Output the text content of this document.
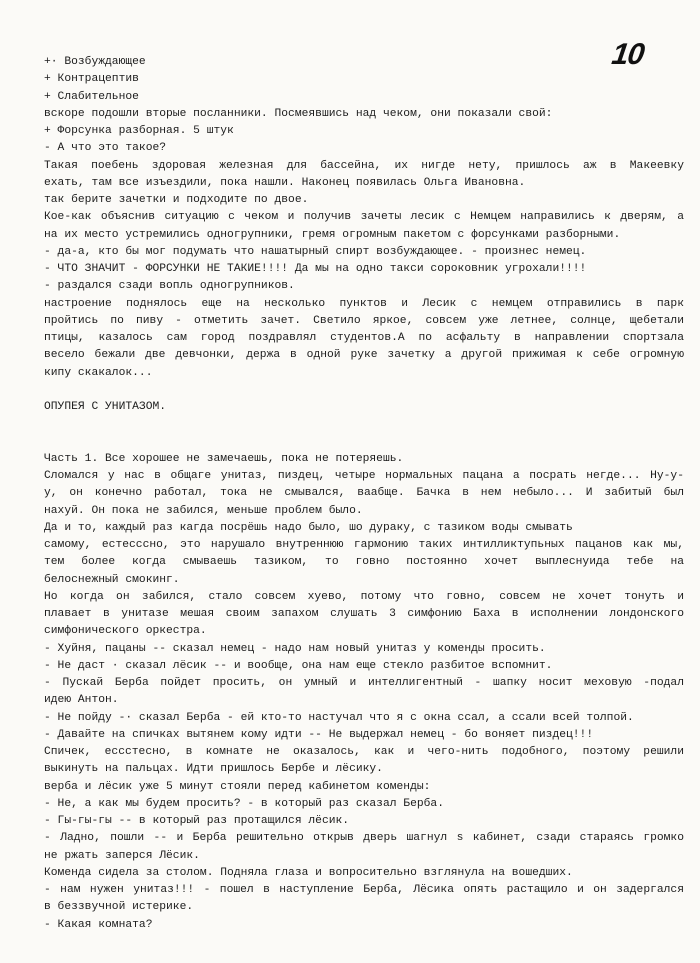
10
+· Возбуждающее
+ Контрацептив
+ Слабительное
вскоре подошли вторые посланники. Посмеявшись над чеком, они показали свой:
+ Форсунка разборная. 5 штук
- А что это такое?
Такая поебень здоровая железная для бассейна, их нигде нету, пришлось аж в Макеевку
ехать, там все изъездили, пока нашли. Наконец появилась Ольга Ивановна.
так берите зачетки и подходите по двое.
Кое-как объяснив ситуацию с чеком и получив зачеты лесик с Немцем направились к дверям, а
на их место устремились одногрупники, гремя огромным пакетом с форсунками разборными.
- да-а, кто бы мог подумать что нашатырный спирт возбуждающее. - произнес немец.
- ЧТО ЗНАЧИТ - ФОРСУНКИ НЕ ТАКИЕ!!!! Да мы на одно такси сороковник угрохали!!!!
- раздался сзади вопль одногрупников.
настроение поднялось еще на несколько пунктов и Лесик с немцем отправились в парк
пройтись по пиву - отметить зачет. Светило яркое, совсем уже летнее, солнце, щебетали
птицы, казалось сам город поздравлял студентов.А по асфальту в направлении спортзала
весело бежали две девчонки, держа в одной руке зачетку а другой прижимая к себе огромную
кипу скакалок...
ОПУПЕЯ С УНИТАЗОМ.
Часть 1. Все хорошее не замечаешь, пока не потеряешь.
Сломался у нас в общаге унитаз, пиздец, четыре нормальных пацана а посрать негде... Ну-у-
у, он конечно работал, тока не смывался, ваабще. Бачка в нем небыло... И забитый был
нахуй. Он пока не забился, меньше проблем было.
Да и то, каждый раз кагда посрёшь надо было, шо дураку, с тазиком воды смывать
самому, естесссно, это нарушало внутреннюю гармонию таких интилликтупьных пацанов как мы,
тем более когда смываешь тазиком, то говно постоянно хочет выплеснуида тебе на
белоснежный смокинг.
Но когда он забился, стало совсем хуево, потому что говно, совсем не хочет тонуть и
плавает в унитазе мешая своим запахом слушать 3 симфонию Баха в исполнении лондонского
симфонического оркестра.
- Хуйня, пацаны -- сказал немец - надо нам новый унитаз у коменды просить.
- Не даст · сказал лёсик -- и вообще, она нам еще стекло разбитое вспомнит.
- Пускай Берба пойдет просить, он умный и интеллигентный - шапку носит меховую -подал
идею Антон.
- Не пойду -· сказал Берба - ей кто-то настучал что я с окна ссал, а ссали всей толпой.
- Давайте на спичках вытянем кому идти -- Не выдержал немец - бо воняет пиздец!!!
Спичек, ессстесно, в комнате не оказалось, как и чего-нить подобного, поэтому решили
выкинуть на пальцах. Идти пришлось Бербе и лёсику.
верба и лёсик уже 5 минут стояли перед кабинетом коменды:
- Не, а как мы будем просить? - в который раз сказал Берба.
- Гы-гы-гы -- в который раз протащился лёсик.
- Ладно, пошли -- и Берба решительно открыв дверь шагнул s кабинет, сзади стараясь громко
не ржать заперся Лёсик.
Коменда сидела за столом. Подняла глаза и вопросительно взглянула на вошедших.
- нам нужен унитаз!!! - пошел в наступление Берба, Лёсика опять растащило и он задергался
в беззвучной истерике.
- Какая комната?
